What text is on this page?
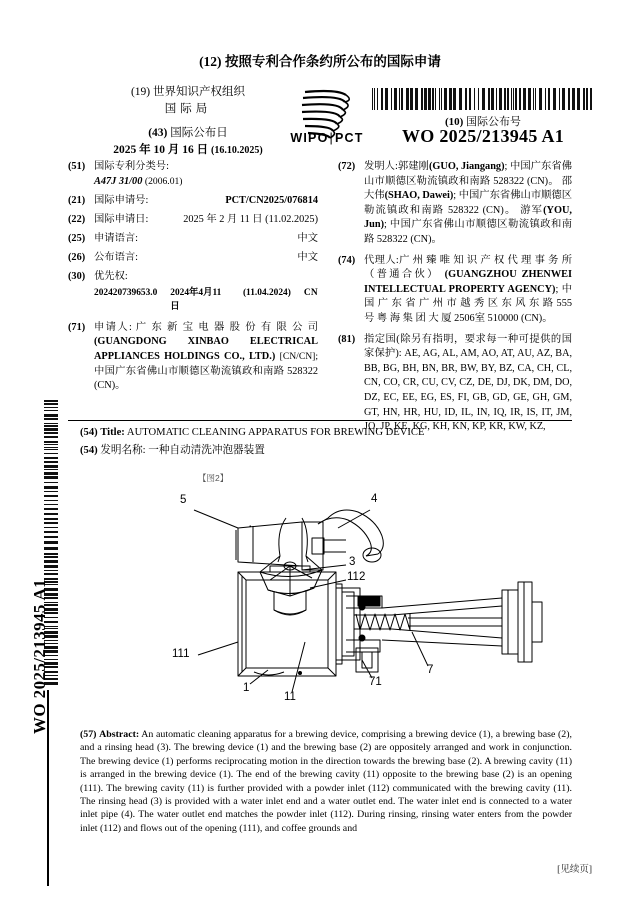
WO 2025/213945 A1
(12) 按照专利合作条约所公布的国际申请
(19) 世界知识产权组织
国际局
(43) 国际公布日
2025 年 10 月 16 日 (16.10.2025)
WIPO|PCT
(10) 国际公布号
WO 2025/213945 A1
(51) 国际专利分类号:
A47J 31/00 (2006.01)
(21) 国际申请号:	PCT/CN2025/076814
(22) 国际申请日:	2025 年 2 月 11 日 (11.02.2025)
(25) 申请语言:	中文
(26) 公布语言:	中文
(30) 优先权:
202420739653.0 2024年4月11日
(11.04.2024) CN
(71) 申请人: 广 东 新 宝 电 器 股 份 有 限 公 司 (GUANGDONG XINBAO ELECTRICAL APPLIANCES HOLDINGS CO., LTD.) [CN/CN]; 中国广东省佛山市顺德区勒流镇政和南路 528322 (CN)。
(72) 发明人:郭建刚(GUO, Jiangang); 中国广东省佛山市顺德区勒流镇政和南路 528322 (CN)。 邵大伟(SHAO, Dawei); 中国广东省佛山市顺德区勒流镇政和南路 528322 (CN)。 游军(YOU, Jun); 中国广东省佛山市顺德区勒流镇政和南路 528322 (CN)。
(74) 代理人:广 州 臻 唯 知 识 产 权 代 理 事 务 所（普通合伙） (GUANGZHOU ZHENWEI INTELLECTUAL PROPERTY AGENCY); 中 国 广 东 省 广 州 市 越 秀 区 东 风 东 路 555 号 粤 海 集 团 大 厦 2506室 510000 (CN)。
(81) 指定国(除另有指明，要求每一种可提供的国家保护): AE, AG, AL, AM, AO, AT, AU, AZ, BA, BB, BG, BH, BN, BR, BW, BY, BZ, CA, CH, CL, CN, CO, CR, CU, CV, CZ, DE, DJ, DK, DM, DO, DZ, EC, EE, EG, ES, FI, GB, GD, GE, GH, GM, GT, HN, HR, HU, ID, IL, IN, IQ, IR, IS, IT, JM, JO, JP, KE, KG, KH, KN, KP, KR, KW, KZ,
(54) Title: AUTOMATIC CLEANING APPARATUS FOR BREWING DEVICE
(54) 发明名称: 一种自动清洗冲泡器装置
【图2】
5	4
3
112
111
1
11
71
7
(57) Abstract: An automatic cleaning apparatus for a brewing device, comprising a brewing device (1), a brewing base (2), and a rinsing head (3). The brewing device (1) and the brewing base (2) are oppositely arranged and work in conjunction. The brewing device (1) performs reciprocating motion in the direction towards the brewing base (2). A brewing cavity (11) is arranged in the brewing device (1). The end of the brewing cavity (11) opposite to the brewing base (2) is an opening (111). The brewing cavity (11) is further provided with a powder inlet (112) communicated with the brewing cavity (11). The rinsing head (3) is provided with a water inlet end and a water outlet end. The water inlet end is connected to a water inlet pipe (4). The water outlet end matches the powder inlet (112). During rinsing, rinsing water enters from the powder inlet (112) and flows out of the opening (111), and coffee grounds and
[见续页]
